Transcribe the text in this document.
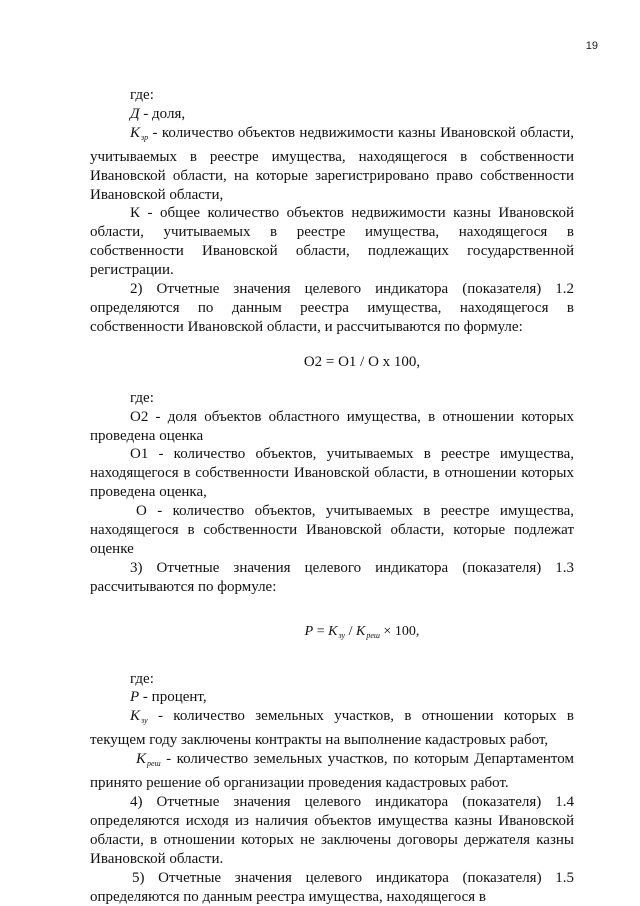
19

где:

Д - доля,

$K_{зр}$ - количество объектов недвижимости казны Ивановской области, учитываемых в реестре имущества, находящегося в собственности Ивановской области, на которые зарегистрировано право собственности Ивановской области,

К - общее количество объектов недвижимости казны Ивановской области, учитываемых в реестре имущества, находящегося в собственности Ивановской области, подлежащих государственной регистрации.

2) Отчетные значения целевого индикатора (показателя) 1.2 определяются по данным реестра имущества, находящегося в собственности Ивановской области, и рассчитываются по формуле:

О2 = О1 / О х 100,

где:

О2 - доля объектов областного имущества, в отношении которых проведена оценка

О1 - количество объектов, учитываемых в реестре имущества, находящегося в собственности Ивановской области, в отношении которых проведена оценка,

О - количество объектов, учитываемых в реестре имущества, находящегося в собственности Ивановской области, которые подлежат оценке

3) Отчетные значения целевого индикатора (показателя) 1.3 рассчитываются по формуле:

$P = K_{зу} / K_{реш} \times 100$,

где:

P - процент,

$K_{зу}$ - количество земельных участков, в отношении которых в текущем году заключены контракты на выполнение кадастровых работ,

$K_{реш}$ - количество земельных участков, по которым Департаментом принято решение об организации проведения кадастровых работ.

4) Отчетные значения целевого индикатора (показателя) 1.4 определяются исходя из наличия объектов имущества казны Ивановской области, в отношении которых не заключены договоры держателя казны Ивановской области.

5) Отчетные значения целевого индикатора (показателя) 1.5 определяются по данным реестра имущества, находящегося в
